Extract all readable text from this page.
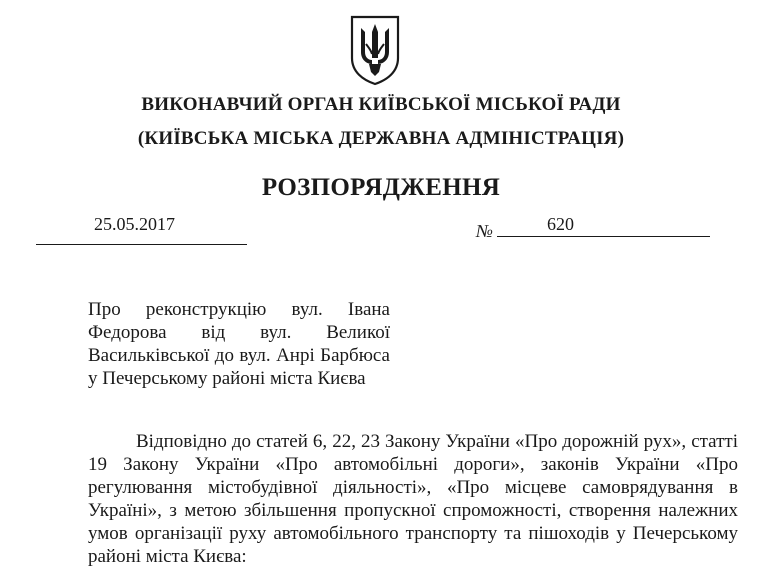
ВИКОНАВЧИЙ ОРГАН КИЇВСЬКОЇ МІСЬКОЇ РАДИ
(КИЇВСЬКА МІСЬКА ДЕРЖАВНА АДМІНІСТРАЦІЯ)
РОЗПОРЯДЖЕННЯ
25.05.2017	№	620
Про реконструкцію вул. Івана
Федорова від вул. Великої
Васильківської до вул. Анрі Барбюса
у Печерському районі міста Києва
Відповідно до статей 6, 22, 23 Закону України «Про дорожній рух», статті
19 Закону України «Про автомобільні дороги», законів України «Про
регулювання містобудівної діяльності», «Про місцеве самоврядування в
Україні», з метою збільшення пропускної спроможності, створення належних
умов організації руху автомобільного транспорту та пішоходів у Печерському
районі міста Києва:
